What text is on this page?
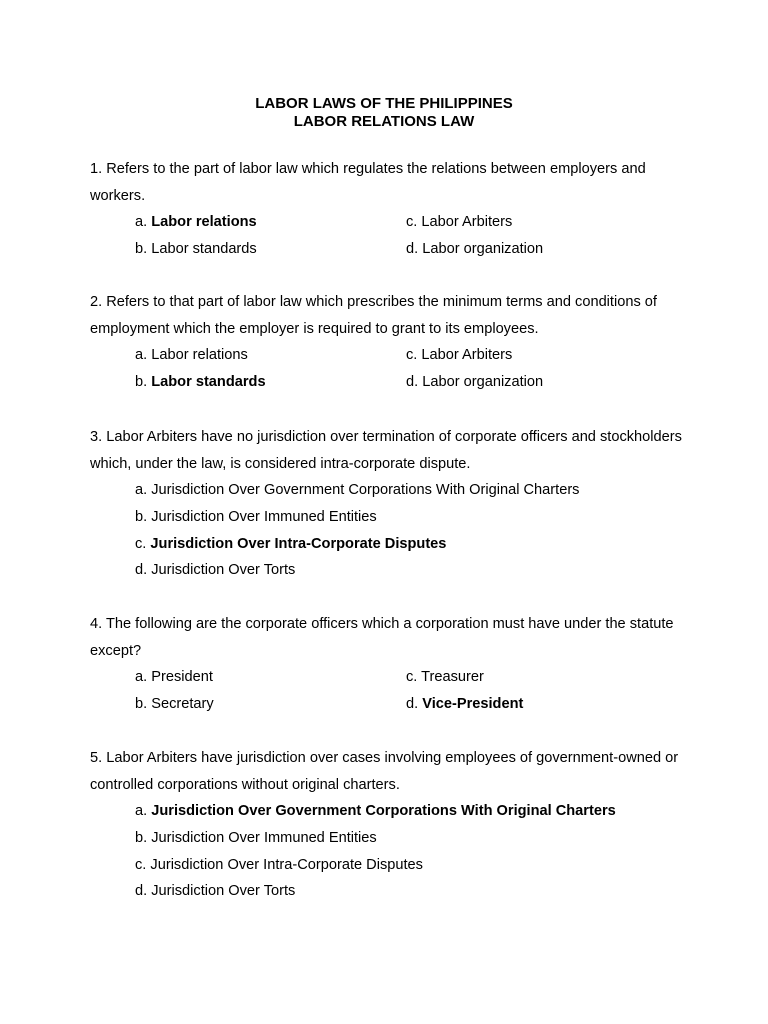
LABOR LAWS OF THE PHILIPPINES
LABOR RELATIONS LAW

1. Refers to the part of labor law which regulates the relations between employers and workers.

a. Labor relations	c. Labor Arbiters
b. Labor standards	d. Labor organization

2. Refers to that part of labor law which prescribes the minimum terms and conditions of employment which the employer is required to grant to its employees.

a. Labor relations	c. Labor Arbiters
b. Labor standards	d. Labor organization

3. Labor Arbiters have no jurisdiction over termination of corporate officers and stockholders which, under the law, is considered intra-corporate dispute.

a. Jurisdiction Over Government Corporations With Original Charters
b. Jurisdiction Over Immuned Entities
c. Jurisdiction Over Intra-Corporate Disputes
d. Jurisdiction Over Torts

4. The following are the corporate officers which a corporation must have under the statute except?

a. President	c. Treasurer
b. Secretary	d. Vice-President

5. Labor Arbiters have jurisdiction over cases involving employees of government-owned or controlled corporations without original charters.

a. Jurisdiction Over Government Corporations With Original Charters
b. Jurisdiction Over Immuned Entities
c. Jurisdiction Over Intra-Corporate Disputes
d. Jurisdiction Over Torts
